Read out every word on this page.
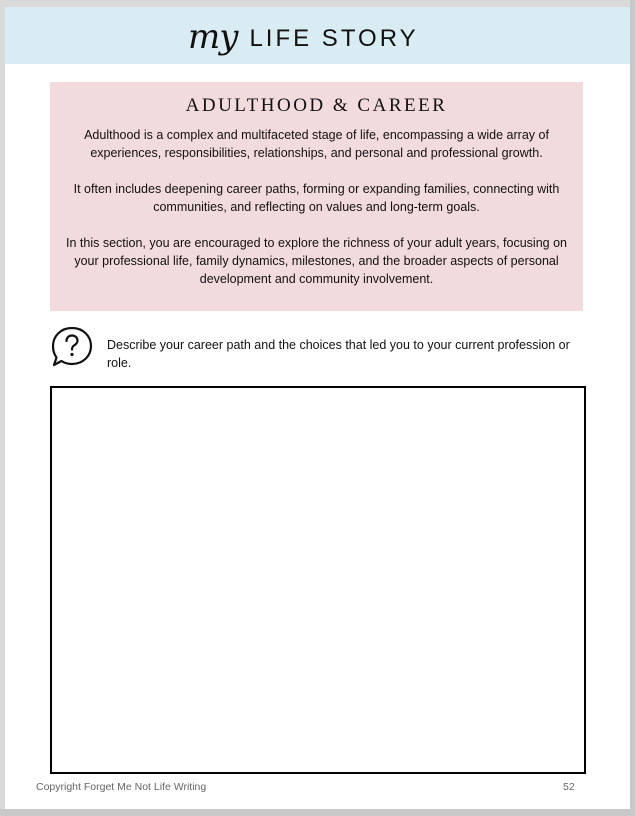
my LIFE STORY
ADULTHOOD & CAREER

Adulthood is a complex and multifaceted stage of life, encompassing a wide array of experiences, responsibilities, relationships, and personal and professional growth.

It often includes deepening career paths, forming or expanding families, connecting with communities, and reflecting on values and long-term goals.

In this section, you are encouraged to explore the richness of your adult years, focusing on your professional life, family dynamics, milestones, and the broader aspects of personal development and community involvement.

Describe your career path and the choices that led you to your current profession or role.
Copyright Forget Me Not Life Writing	52
